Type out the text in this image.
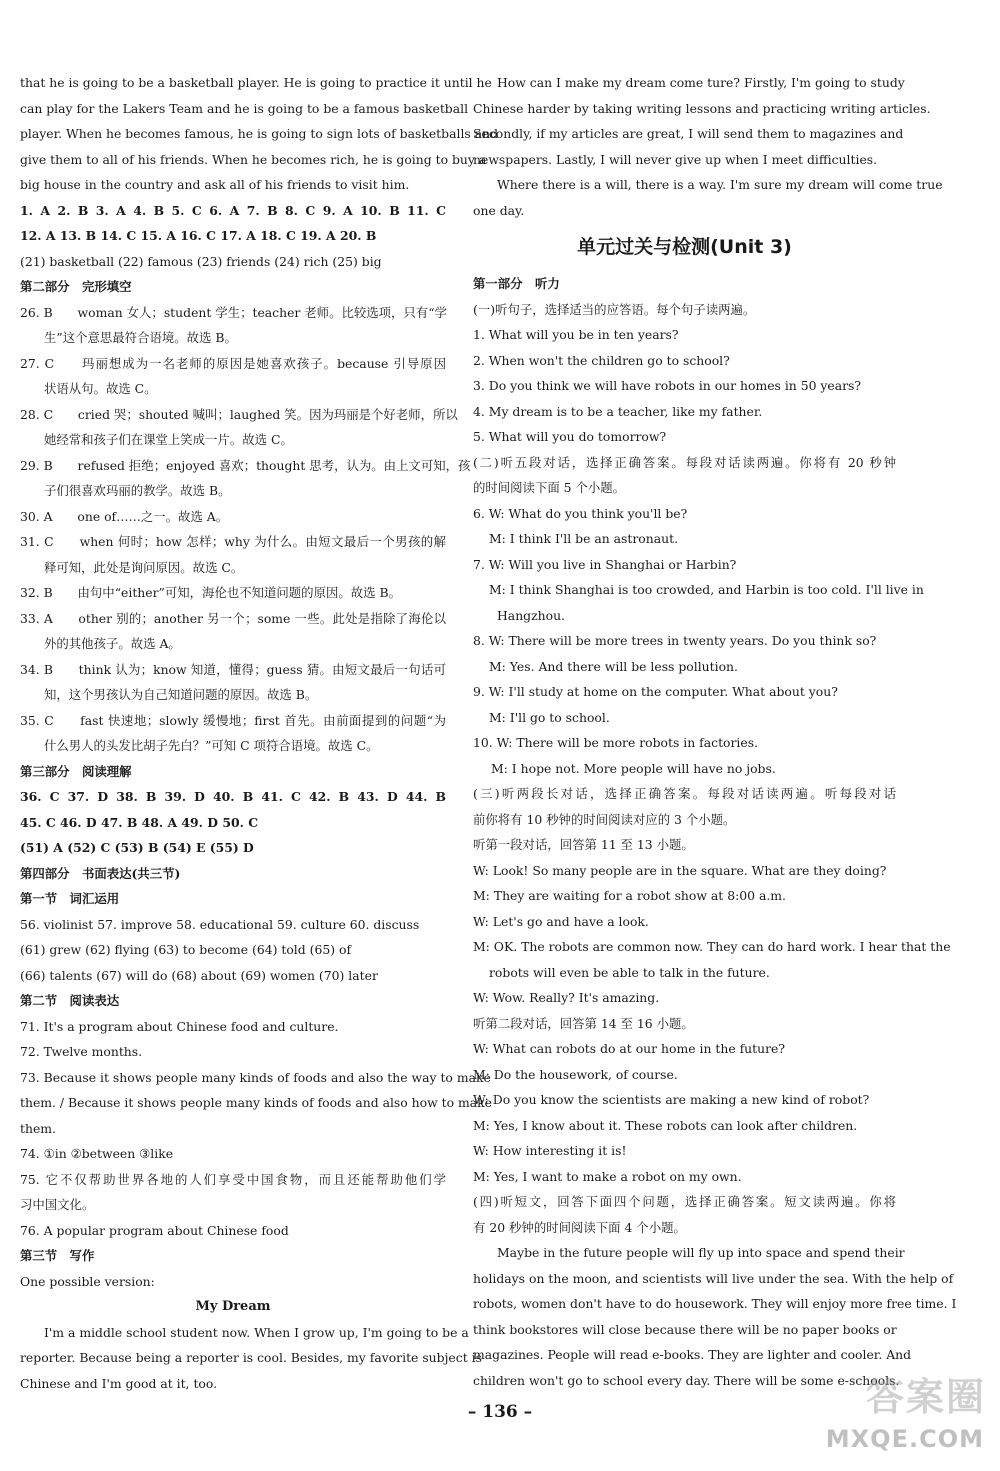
that he is going to be a basketball player. He is going to practice it until he
can play for the Lakers Team and he is going to be a famous basketball
player. When he becomes famous, he is going to sign lots of basketballs and
give them to all of his friends. When he becomes rich, he is going to buy a
big house in the country and ask all of his friends to visit him.
1. A 2. B 3. A 4. B 5. C 6. A 7. B 8. C 9. A 10. B 11. C
12. A 13. B 14. C 15. A 16. C 17. A 18. C 19. A 20. B
(21) basketball (22) famous (23) friends (24) rich (25) big
第二部分　完形填空
26. B　　woman 女人；student 学生；teacher 老师。比较选项，只有“学
生”这个意思最符合语境。故选 B。
27. C　　玛丽想成为一名老师的原因是她喜欢孩子。because 引导原因
状语从句。故选 C。
28. C　　cried 哭；shouted 喊叫；laughed 笑。因为玛丽是个好老师，所以
她经常和孩子们在课堂上笑成一片。故选 C。
29. B　　refused 拒绝；enjoyed 喜欢；thought 思考，认为。由上文可知，孩
子们很喜欢玛丽的教学。故选 B。
30. A　　one of……之一。故选 A。
31. C　　when 何时；how 怎样；why 为什么。由短文最后一个男孩的解
释可知，此处是询问原因。故选 C。
32. B　　由句中“either”可知，海伦也不知道问题的原因。故选 B。
33. A　　other 别的；another 另一个；some 一些。此处是指除了海伦以
外的其他孩子。故选 A。
34. B　　think 认为；know 知道，懂得；guess 猜。由短文最后一句话可
知，这个男孩认为自己知道问题的原因。故选 B。
35. C　　fast 快速地；slowly 缓慢地；first 首先。由前面提到的问题“为
什么男人的头发比胡子先白？”可知 C 项符合语境。故选 C。
第三部分　阅读理解
36. C 37. D 38. B 39. D 40. B 41. C 42. B 43. D 44. B
45. C 46. D 47. B 48. A 49. D 50. C
(51) A (52) C (53) B (54) E (55) D
第四部分　书面表达(共三节)
第一节　词汇运用
56. violinist 57. improve 58. educational 59. culture 60. discuss
(61) grew (62) flying (63) to become (64) told (65) of
(66) talents (67) will do (68) about (69) women (70) later
第二节　阅读表达
71. It's a program about Chinese food and culture.
72. Twelve months.
73. Because it shows people many kinds of foods and also the way to make
them. / Because it shows people many kinds of foods and also how to make
them.
74. ①in ②between ③like
75. 它不仅帮助世界各地的人们享受中国食物，而且还能帮助他们学
习中国文化。
76. A popular program about Chinese food
第三节　写作
One possible version:
My Dream
I'm a middle school student now. When I grow up, I'm going to be a
reporter. Because being a reporter is cool. Besides, my favorite subject is
Chinese and I'm good at it, too.
How can I make my dream come ture? Firstly, I'm going to study
Chinese harder by taking writing lessons and practicing writing articles.
Secondly, if my articles are great, I will send them to magazines and
newspapers. Lastly, I will never give up when I meet difficulties.
Where there is a will, there is a way. I'm sure my dream will come true
one day.
单元过关与检测(Unit 3)
第一部分　听力
(一)听句子，选择适当的应答语。每个句子读两遍。
1. What will you be in ten years?
2. When won't the children go to school?
3. Do you think we will have robots in our homes in 50 years?
4. My dream is to be a teacher, like my father.
5. What will you do tomorrow?
(二)听五段对话，选择正确答案。每段对话读两遍。你将有 20 秒钟
的时间阅读下面 5 个小题。
6. W: What do you think you'll be?
M: I think I'll be an astronaut.
7. W: Will you live in Shanghai or Harbin?
M: I think Shanghai is too crowded, and Harbin is too cold. I'll live in
Hangzhou.
8. W: There will be more trees in twenty years. Do you think so?
M: Yes. And there will be less pollution.
9. W: I'll study at home on the computer. What about you?
M: I'll go to school.
10. W: There will be more robots in factories.
M: I hope not. More people will have no jobs.
(三)听两段长对话，选择正确答案。每段对话读两遍。听每段对话
前你将有 10 秒钟的时间阅读对应的 3 个小题。
听第一段对话，回答第 11 至 13 小题。
W: Look! So many people are in the square. What are they doing?
M: They are waiting for a robot show at 8:00 a.m.
W: Let's go and have a look.
M: OK. The robots are common now. They can do hard work. I hear that the
robots will even be able to talk in the future.
W: Wow. Really? It's amazing.
听第二段对话，回答第 14 至 16 小题。
W: What can robots do at our home in the future?
M: Do the housework, of course.
W: Do you know the scientists are making a new kind of robot?
M: Yes, I know about it. These robots can look after children.
W: How interesting it is!
M: Yes, I want to make a robot on my own.
(四)听短文，回答下面四个问题，选择正确答案。短文读两遍。你将
有 20 秒钟的时间阅读下面 4 个小题。
Maybe in the future people will fly up into space and spend their
holidays on the moon, and scientists will live under the sea. With the help of
robots, women don't have to do housework. They will enjoy more free time. I
think bookstores will close because there will be no paper books or
magazines. People will read e-books. They are lighter and cooler. And
children won't go to school every day. There will be some e-schools.
– 136 –	答案圈
MXQE.COM
